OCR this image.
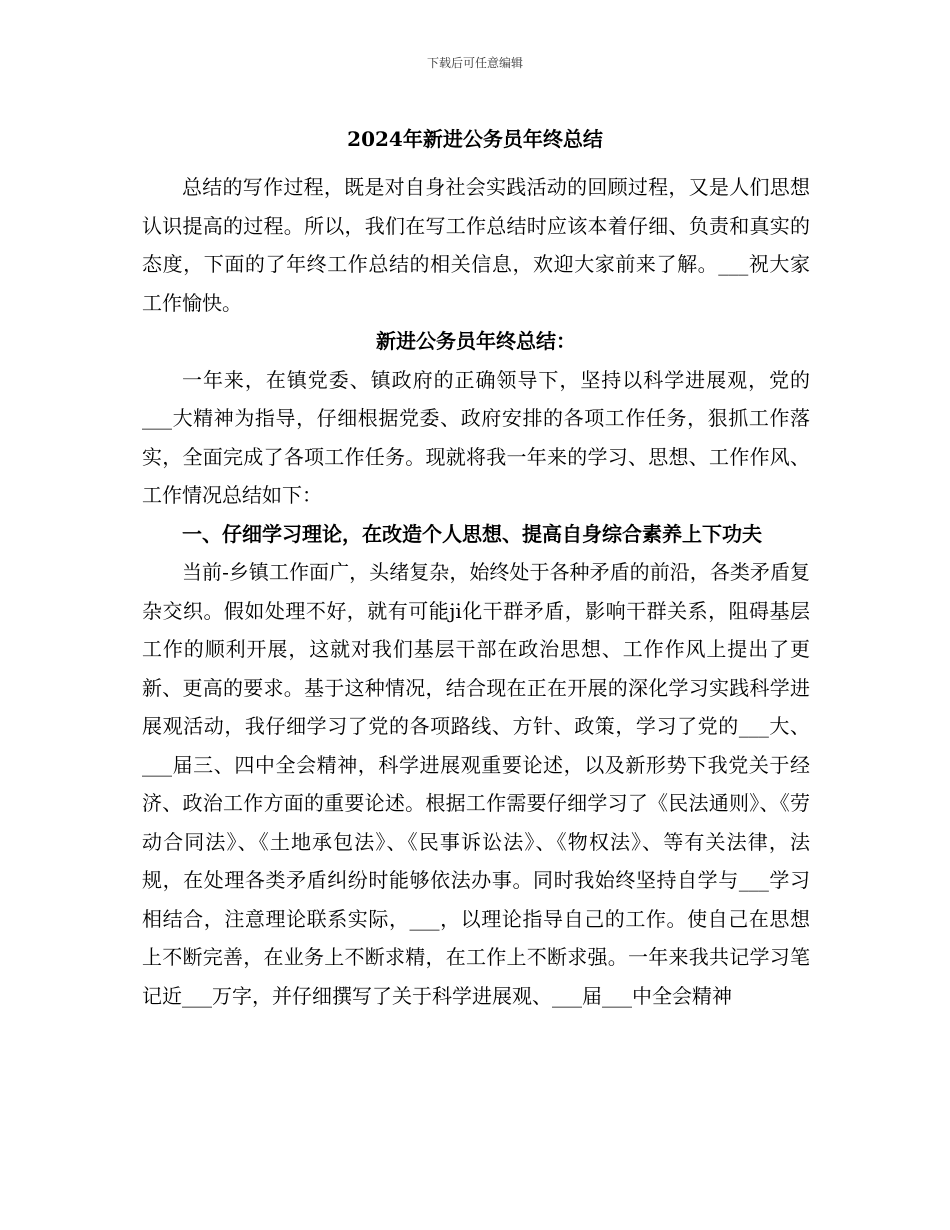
下载后可任意编辑
2024年新进公务员年终总结

总结的写作过程，既是对自身社会实践活动的回顾过程，又是人们思想认识提高的过程。所以，我们在写工作总结时应该本着仔细、负责和真实的态度，下面的了年终工作总结的相关信息，欢迎大家前来了解。___祝大家工作愉快。

新进公务员年终总结：

一年来，在镇党委、镇政府的正确领导下，坚持以科学进展观，党的___大精神为指导，仔细根据党委、政府安排的各项工作任务，狠抓工作落实，全面完成了各项工作任务。现就将我一年来的学习、思想、工作作风、工作情况总结如下：

一、仔细学习理论，在改造个人思想、提高自身综合素养上下功夫

当前-乡镇工作面广，头绪复杂，始终处于各种矛盾的前沿，各类矛盾复杂交织。假如处理不好，就有可能ji化干群矛盾，影响干群关系，阻碍基层工作的顺利开展，这就对我们基层干部在政治思想、工作作风上提出了更新、更高的要求。基于这种情况，结合现在正在开展的深化学习实践科学进展观活动，我仔细学习了党的各项路线、方针、政策，学习了党的___大、___届三、四中全会精神，科学进展观重要论述，以及新形势下我党关于经济、政治工作方面的重要论述。根据工作需要仔细学习了《民法通则》、《劳动合同法》、《土地承包法》、《民事诉讼法》、《物权法》、等有关法律，法规，在处理各类矛盾纠纷时能够依法办事。同时我始终坚持自学与___学习相结合，注意理论联系实际，___，以理论指导自己的工作。使自己在思想上不断完善，在业务上不断求精，在工作上不断求强。一年来我共记学习笔记近___万字，并仔细撰写了关于科学进展观、___届___中全会精神
